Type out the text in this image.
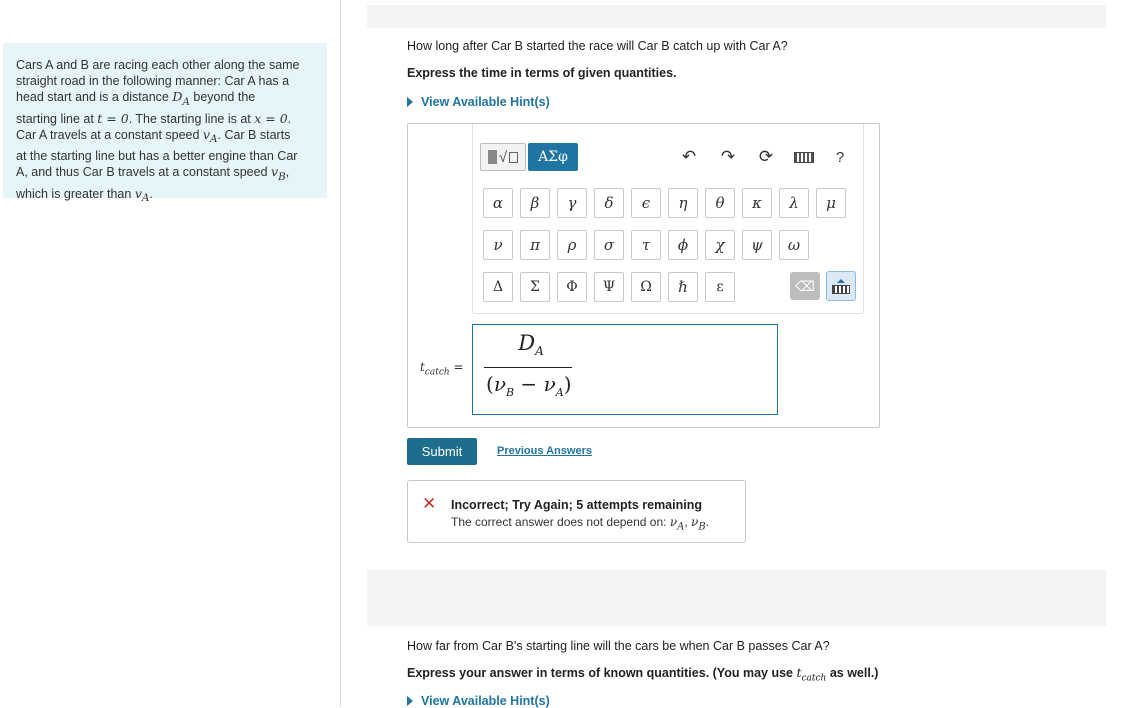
Cars A and B are racing each other along the same
straight road in the following manner: Car A has a
head start and is a distance $D_A$ beyond the
starting line at t = 0. The starting line is at x = 0.
Car A travels at a constant speed $v_A$. Car B starts
at the starting line but has a better engine than Car
A, and thus Car B travels at a constant speed $v_B$,
which is greater than $v_A$.
How long after Car B started the race will Car B catch up with Car A?
Express the time in terms of given quantities.
View Available Hint(s)
√	ΑΣφ	↶ ↷ ⟳	?
α	β	γ	δ	ϵ	η	θ	κ	λ	μ
ν	π	ρ	σ	τ	ϕ	χ	ψ	ω
Δ	Σ	Φ	Ψ	Ω	ℏ	ε	⌫
$t_{catch}$ =
$D_A$
$(\nu_B - \nu_A)$
Submit	Previous Answers
✕ Incorrect; Try Again; 5 attempts remaining
The correct answer does not depend on: $\nu_A$, $\nu_B$.
How far from Car B's starting line will the cars be when Car B passes Car A?
Express your answer in terms of known quantities. (You may use $t_{catch}$ as well.)
View Available Hint(s)
